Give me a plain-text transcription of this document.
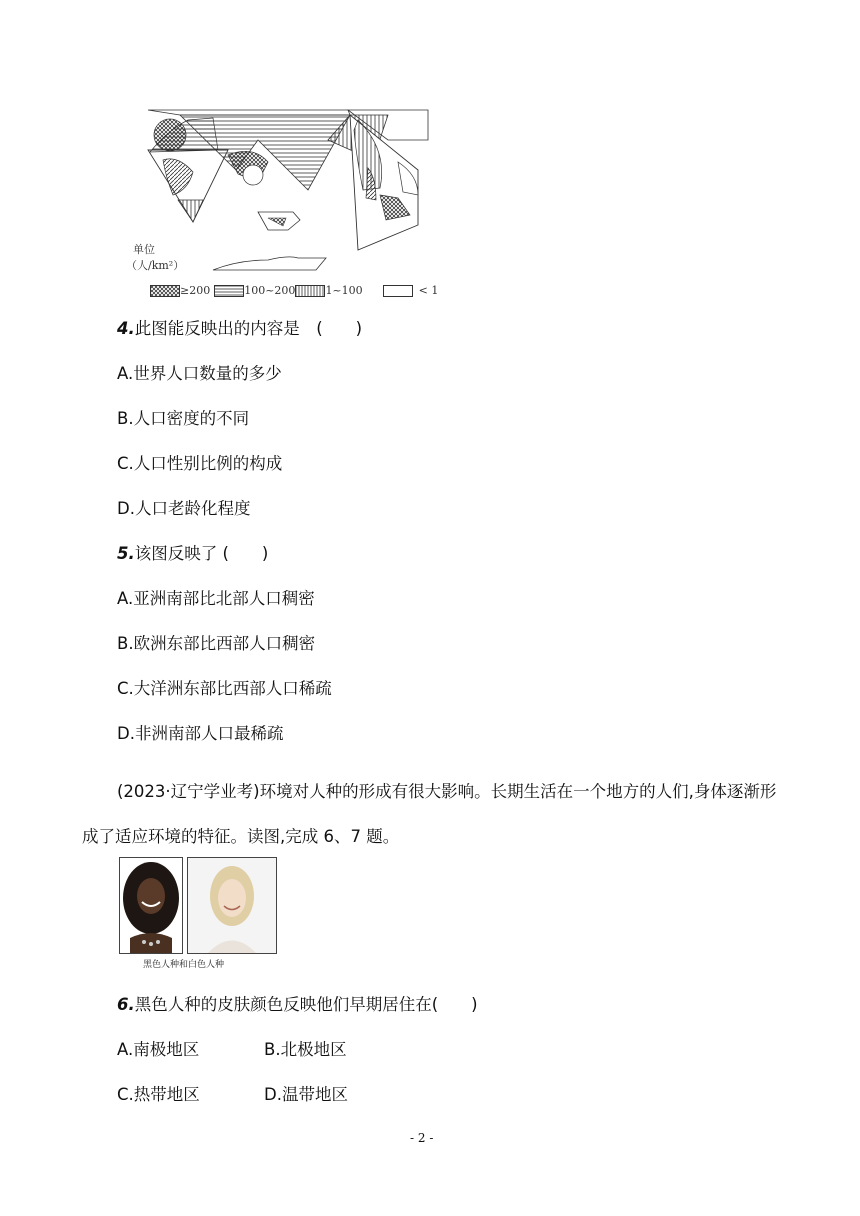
单位
（人/km²）
≥200	100~200	1~100	< 1
4.此图能反映出的内容是　(　　)
A.世界人口数量的多少
B.人口密度的不同
C.人口性别比例的构成
D.人口老龄化程度
5.该图反映了 (　　)
A.亚洲南部比北部人口稠密
B.欧洲东部比西部人口稠密
C.大洋洲东部比西部人口稀疏
D.非洲南部人口最稀疏
(2023·辽宁学业考)环境对人种的形成有很大影响。长期生活在一个地方的人们,身体逐渐形成了适应环境的特征。读图,完成 6、7 题。
黑色人种和白色人种
6.黑色人种的皮肤颜色反映他们早期居住在(　　)
A.南极地区	B.北极地区
C.热带地区	D.温带地区
- 2 -
